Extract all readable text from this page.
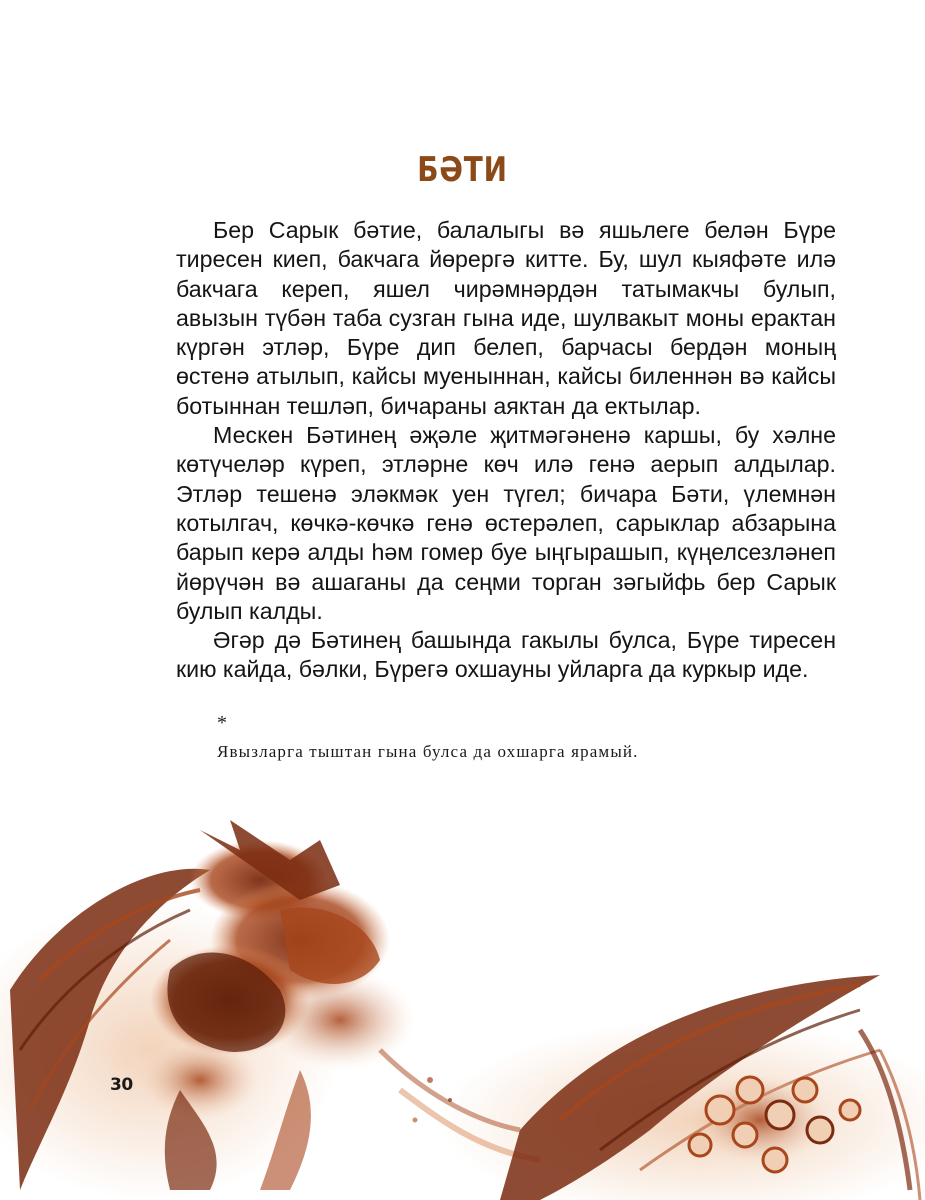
БӘТИ

Бер Сарык бәтие, балалыгы вә яшьлеге белән Бүре тиресен киеп, бакчага йөрергә китте. Бу, шул кыяфәте илә бакчага кереп, яшел чирәмнәрдән татымакчы булып, авызын түбән таба сузган гына иде, шулвакыт моны ерактан күргән этләр, Бүре дип белеп, барчасы бердән моның өстенә атылып, кайсы муеныннан, кайсы биленнән вә кайсы ботыннан тешләп, бичараны аяктан да ектылар.

Мескен Бәтинең әҗәле җитмәгәненә каршы, бу хәлне көтүчеләр күреп, этләрне көч илә генә аерып алдылар. Этләр тешенә эләкмәк уен түгел; бичара Бәти, үлемнән котылгач, көчкә-көчкә генә өстерәлеп, сарыклар абзарына барып керә алды һәм гомер буе ыңгырашып, күңелсезләнеп йөрүчән вә ашаганы да сеңми торган зәгыйфь бер Сарык булып калды.

Әгәр дә Бәтинең башында гакылы булса, Бүре тиресен кию кайда, бәлки, Бүрегә охшауны уйларга да куркыр иде.

*
Явызларга тыштан гына булса да охшарга ярамый.
30
